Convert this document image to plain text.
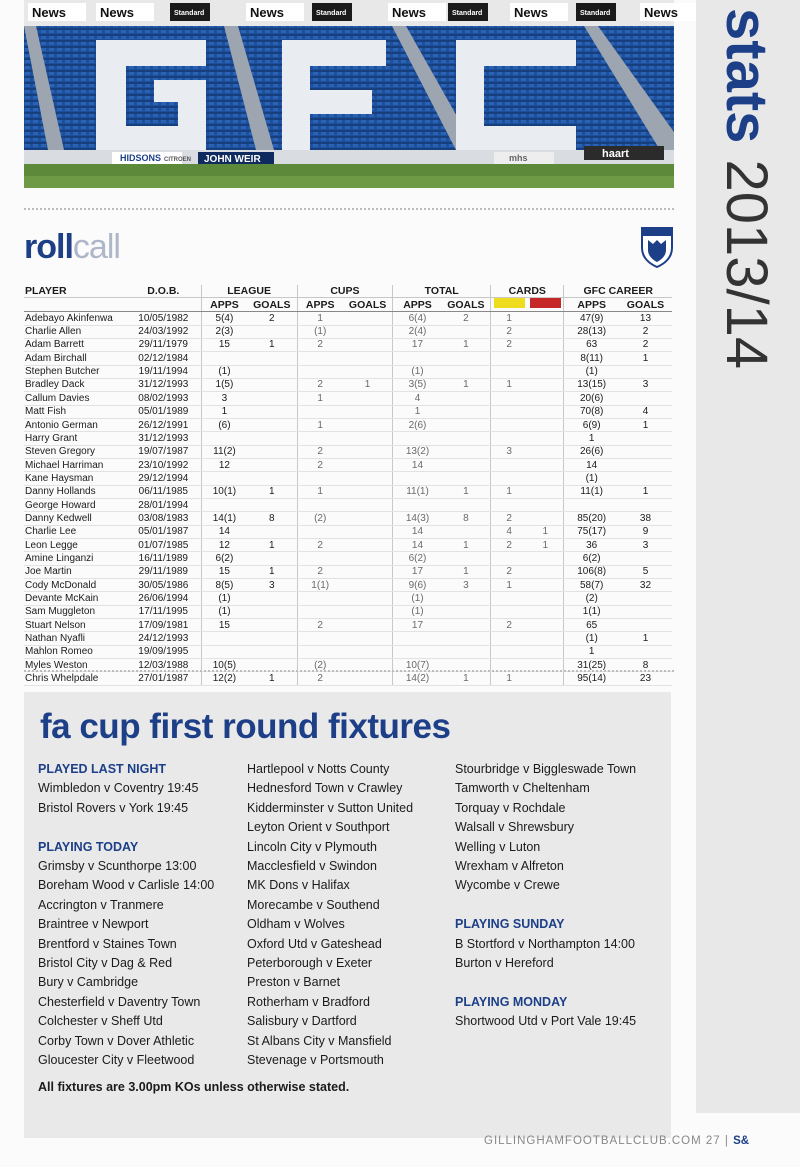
News	News	Standard	News	Standard	News	Standard News	Standard	News
HIDSONS CITROEN JOHN WEIR	mhs	haart
stats 2013/14
rollcall
PLAYER	D.O.B.	LEAGUE		CUPS		TOTAL		CARDS		GFC CAREER	
		APPS	GOALS	APPS	GOALS	APPS	GOALS			APPS	GOALS
Adebayo Akinfenwa	10/05/1982	5(4)	2	1		6(4)	2	1		47(9)	13
Charlie Allen	24/03/1992	2(3)		(1)		2(4)		2		28(13)	2
Adam Barrett	29/11/1979	15	1	2		17	1	2		63	2
Adam Birchall	02/12/1984									8(11)	1
Stephen Butcher	19/11/1994	(1)				(1)				(1)	
Bradley Dack	31/12/1993	1(5)		2	1	3(5)	1	1		13(15)	3
Callum Davies	08/02/1993	3		1		4				20(6)	
Matt Fish	05/01/1989	1				1				70(8)	4
Antonio German	26/12/1991	(6)		1		2(6)				6(9)	1
Harry Grant	31/12/1993									1	
Steven Gregory	19/07/1987	11(2)		2		13(2)		3		26(6)	
Michael Harriman	23/10/1992	12		2		14				14	
Kane Haysman	29/12/1994									(1)	
Danny Hollands	06/11/1985	10(1)	1	1		11(1)	1	1		11(1)	1
George Howard	28/01/1994										
Danny Kedwell	03/08/1983	14(1)	8	(2)		14(3)	8	2		85(20)	38
Charlie Lee	05/01/1987	14				14		4	1	75(17)	9
Leon Legge	01/07/1985	12	1	2		14	1	2	1	36	3
Amine Linganzi	16/11/1989	6(2)				6(2)				6(2)	
Joe Martin	29/11/1989	15	1	2		17	1	2		106(8)	5
Cody McDonald	30/05/1986	8(5)	3	1(1)		9(6)	3	1		58(7)	32
Devante McKain	26/06/1994	(1)				(1)				(2)	
Sam Muggleton	17/11/1995	(1)				(1)				1(1)	
Stuart Nelson	17/09/1981	15		2		17		2		65	
Nathan Nyafli	24/12/1993									(1)	1
Mahlon Romeo	19/09/1995									1	
Myles Weston	12/03/1988	10(5)		(2)		10(7)				31(25)	8
Chris Whelpdale	27/01/1987	12(2)	1	2		14(2)	1	1		95(14)	23
fa cup first round fixtures
PLAYED LAST NIGHT
Wimbledon v Coventry 19:45
Bristol Rovers v York 19:45
PLAYING TODAY
Grimsby v Scunthorpe 13:00
Boreham Wood v Carlisle 14:00
Accrington v Tranmere
Braintree v Newport
Brentford v Staines Town
Bristol City v Dag & Red
Bury v Cambridge
Chesterfield v Daventry Town
Colchester v Sheff Utd
Corby Town v Dover Athletic
Gloucester City v Fleetwood
Hartlepool v Notts County
Hednesford Town v Crawley
Kidderminster v Sutton United
Leyton Orient v Southport
Lincoln City v Plymouth
Macclesfield v Swindon
MK Dons v Halifax
Morecambe v Southend
Oldham v Wolves
Oxford Utd v Gateshead
Peterborough v Exeter
Preston v Barnet
Rotherham v Bradford
Salisbury v Dartford
St Albans City v Mansfield
Stevenage v Portsmouth
Stourbridge v Biggleswade Town
Tamworth v Cheltenham
Torquay v Rochdale
Walsall v Shrewsbury
Welling v Luton
Wrexham v Alfreton
Wycombe v Crewe
PLAYING SUNDAY
B Stortford v Northampton 14:00
Burton v Hereford
PLAYING MONDAY
Shortwood Utd v Port Vale 19:45
All fixtures are 3.00pm KOs unless otherwise stated.
GILLINGHAMFOOTBALLCLUB.COM 27 | S&
